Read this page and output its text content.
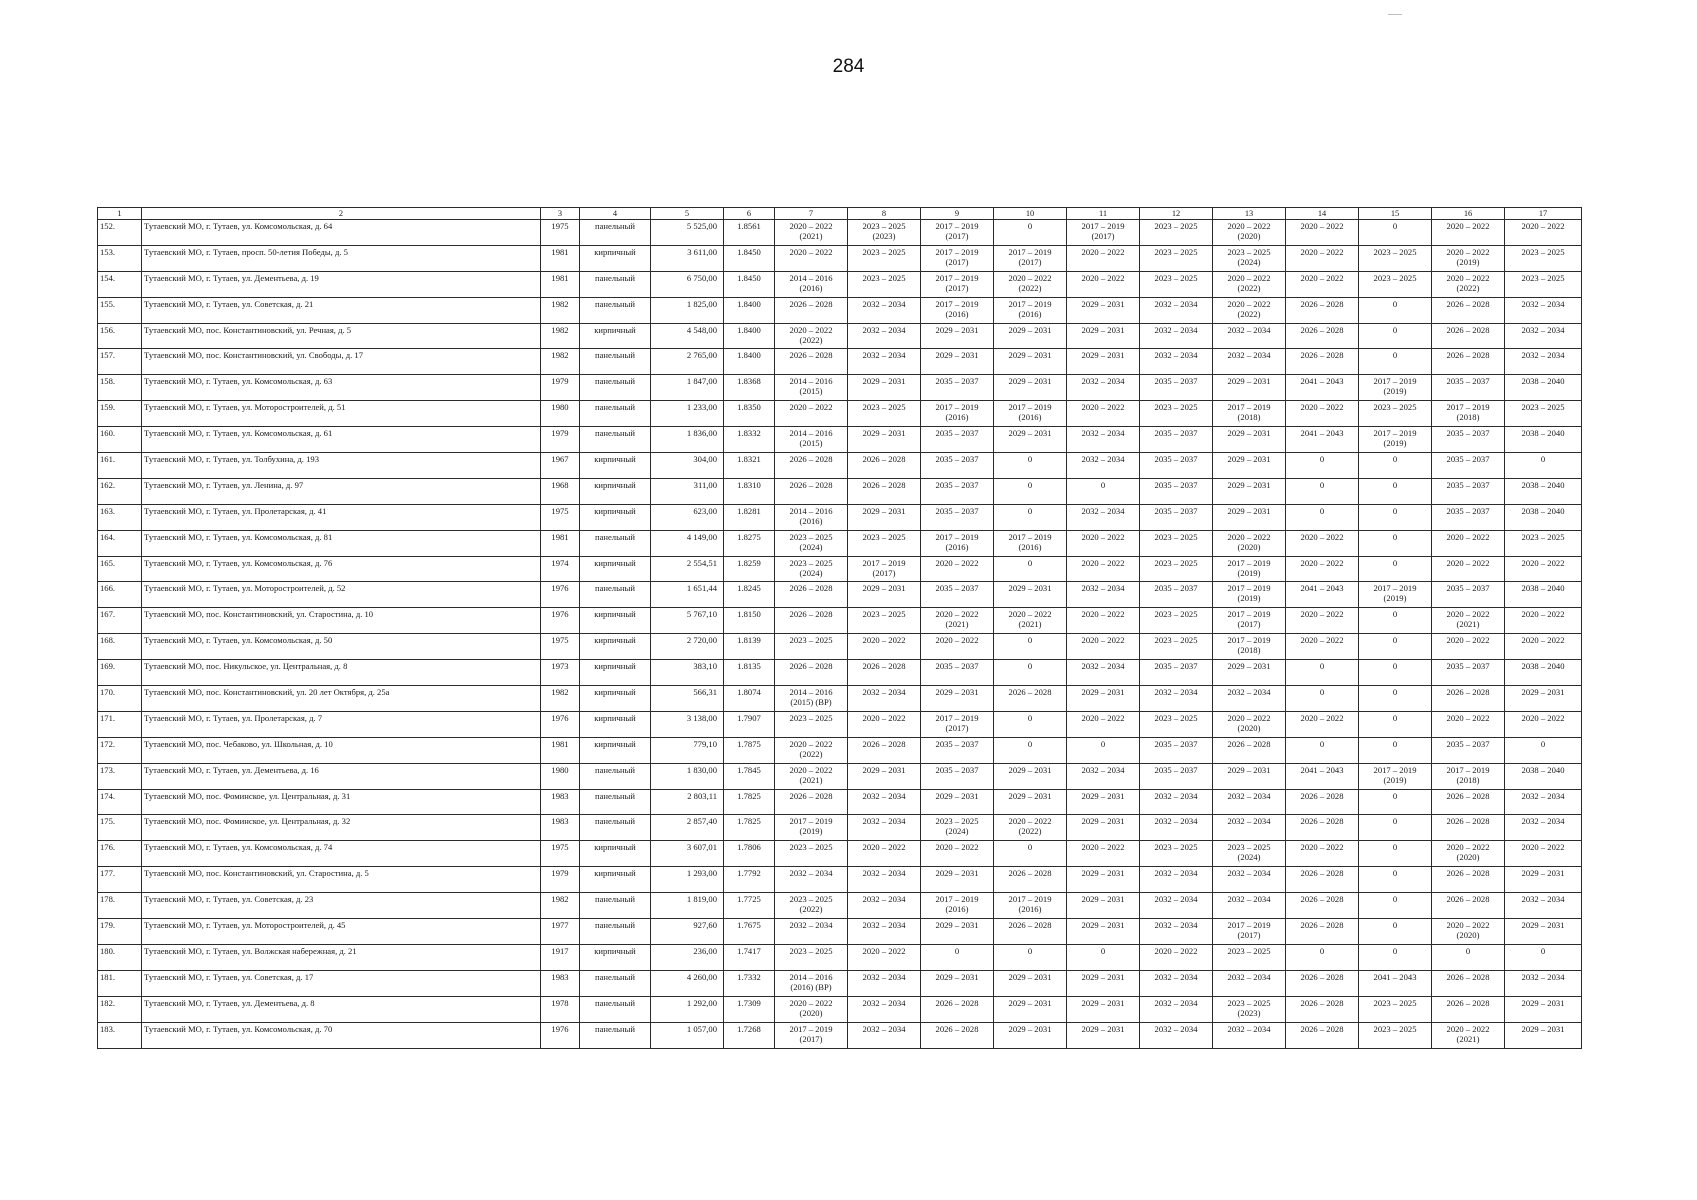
284
1	2	3	4	5	6	7	8	9	10	11	12	13	14	15	16	17

152.	Тутаевский МО, г. Тутаев, ул. Комсомольская, д. 64	1975	панельный	5 525,00	1.8561	2020 – 2022
(2021)	2023 – 2025
(2023)	2017 – 2019
(2017)	0	2017 – 2019
(2017)	2023 – 2025	2020 – 2022
(2020)	2020 – 2022	0	2020 – 2022	2020 – 2022

153.	Тутаевский МО, г. Тутаев, просп. 50-летия Победы, д. 5	1981	кирпичный	3 611,00	1.8450	2020 – 2022	2023 – 2025	2017 – 2019
(2017)	2017 – 2019
(2017)	2020 – 2022	2023 – 2025	2023 – 2025
(2024)	2020 – 2022	2023 – 2025	2020 – 2022
(2019)	2023 – 2025

154.	Тутаевский МО, г. Тутаев, ул. Дементьева, д. 19	1981	панельный	6 750,00	1.8450	2014 – 2016
(2016)	2023 – 2025	2017 – 2019
(2017)	2020 – 2022
(2022)	2020 – 2022	2023 – 2025	2020 – 2022
(2022)	2020 – 2022	2023 – 2025	2020 – 2022
(2022)	2023 – 2025

155.	Тутаевский МО, г. Тутаев, ул. Советская, д. 21	1982	панельный	1 825,00	1.8400	2026 – 2028	2032 – 2034	2017 – 2019
(2016)	2017 – 2019
(2016)	2029 – 2031	2032 – 2034	2020 – 2022
(2022)	2026 – 2028	0	2026 – 2028	2032 – 2034

156.	Тутаевский МО, пос. Константиновский, ул. Речная, д. 5	1982	кирпичный	4 548,00	1.8400	2020 – 2022
(2022)	2032 – 2034	2029 – 2031	2029 – 2031	2029 – 2031	2032 – 2034	2032 – 2034	2026 – 2028	0	2026 – 2028	2032 – 2034

157.	Тутаевский МО, пос. Константиновский, ул. Свободы, д. 17	1982	панельный	2 765,00	1.8400	2026 – 2028	2032 – 2034	2029 – 2031	2029 – 2031	2029 – 2031	2032 – 2034	2032 – 2034	2026 – 2028	0	2026 – 2028	2032 – 2034

158.	Тутаевский МО, г. Тутаев, ул. Комсомольская, д. 63	1979	панельный	1 847,00	1.8368	2014 – 2016
(2015)	2029 – 2031	2035 – 2037	2029 – 2031	2032 – 2034	2035 – 2037	2029 – 2031	2041 – 2043	2017 – 2019
(2019)	2035 – 2037	2038 – 2040

159.	Тутаевский МО, г. Тутаев, ул. Моторостроителей, д. 51	1980	панельный	1 233,00	1.8350	2020 – 2022	2023 – 2025	2017 – 2019
(2016)	2017 – 2019
(2016)	2020 – 2022	2023 – 2025	2017 – 2019
(2018)	2020 – 2022	2023 – 2025	2017 – 2019
(2018)	2023 – 2025

160.	Тутаевский МО, г. Тутаев, ул. Комсомольская, д. 61	1979	панельный	1 836,00	1.8332	2014 – 2016
(2015)	2029 – 2031	2035 – 2037	2029 – 2031	2032 – 2034	2035 – 2037	2029 – 2031	2041 – 2043	2017 – 2019
(2019)	2035 – 2037	2038 – 2040

161.	Тутаевский МО, г. Тутаев, ул. Толбухина, д. 193	1967	кирпичный	304,00	1.8321	2026 – 2028	2026 – 2028	2035 – 2037	0	2032 – 2034	2035 – 2037	2029 – 2031	0	0	2035 – 2037	0

162.	Тутаевский МО, г. Тутаев, ул. Ленина, д. 97	1968	кирпичный	311,00	1.8310	2026 – 2028	2026 – 2028	2035 – 2037	0	0	2035 – 2037	2029 – 2031	0	0	2035 – 2037	2038 – 2040

163.	Тутаевский МО, г. Тутаев, ул. Пролетарская, д. 41	1975	кирпичный	623,00	1.8281	2014 – 2016
(2016)	2029 – 2031	2035 – 2037	0	2032 – 2034	2035 – 2037	2029 – 2031	0	0	2035 – 2037	2038 – 2040

164.	Тутаевский МО, г. Тутаев, ул. Комсомольская, д. 81	1981	панельный	4 149,00	1.8275	2023 – 2025
(2024)	2023 – 2025	2017 – 2019
(2016)	2017 – 2019
(2016)	2020 – 2022	2023 – 2025	2020 – 2022
(2020)	2020 – 2022	0	2020 – 2022	2023 – 2025

165.	Тутаевский МО, г. Тутаев, ул. Комсомольская, д. 76	1974	кирпичный	2 554,51	1.8259	2023 – 2025
(2024)	2017 – 2019
(2017)	2020 – 2022	0	2020 – 2022	2023 – 2025	2017 – 2019
(2019)	2020 – 2022	0	2020 – 2022	2020 – 2022

166.	Тутаевский МО, г. Тутаев, ул. Моторостроителей, д. 52	1976	панельный	1 651,44	1.8245	2026 – 2028	2029 – 2031	2035 – 2037	2029 – 2031	2032 – 2034	2035 – 2037	2017 – 2019
(2019)	2041 – 2043	2017 – 2019
(2019)	2035 – 2037	2038 – 2040

167.	Тутаевский МО, пос. Константиновский, ул. Старостина, д. 10	1976	кирпичный	5 767,10	1.8150	2026 – 2028	2023 – 2025	2020 – 2022
(2021)	2020 – 2022
(2021)	2020 – 2022	2023 – 2025	2017 – 2019
(2017)	2020 – 2022	0	2020 – 2022
(2021)	2020 – 2022

168.	Тутаевский МО, г. Тутаев, ул. Комсомольская, д. 50	1975	кирпичный	2 720,00	1.8139	2023 – 2025	2020 – 2022	2020 – 2022	0	2020 – 2022	2023 – 2025	2017 – 2019
(2018)	2020 – 2022	0	2020 – 2022	2020 – 2022

169.	Тутаевский МО, пос. Никульское, ул. Центральная, д. 8	1973	кирпичный	383,10	1.8135	2026 – 2028	2026 – 2028	2035 – 2037	0	2032 – 2034	2035 – 2037	2029 – 2031	0	0	2035 – 2037	2038 – 2040

170.	Тутаевский МО, пос. Константиновский, ул. 20 лет Октября, д. 25а	1982	кирпичный	566,31	1.8074	2014 – 2016
(2015) (ВР)	2032 – 2034	2029 – 2031	2026 – 2028	2029 – 2031	2032 – 2034	2032 – 2034	0	0	2026 – 2028	2029 – 2031

171.	Тутаевский МО, г. Тутаев, ул. Пролетарская, д. 7	1976	кирпичный	3 138,00	1.7907	2023 – 2025	2020 – 2022	2017 – 2019
(2017)	0	2020 – 2022	2023 – 2025	2020 – 2022
(2020)	2020 – 2022	0	2020 – 2022	2020 – 2022

172.	Тутаевский МО, пос. Чебаково, ул. Школьная, д. 10	1981	кирпичный	779,10	1.7875	2020 – 2022
(2022)	2026 – 2028	2035 – 2037	0	0	2035 – 2037	2026 – 2028	0	0	2035 – 2037	0

173.	Тутаевский МО, г. Тутаев, ул. Дементьева, д. 16	1980	панельный	1 830,00	1.7845	2020 – 2022
(2021)	2029 – 2031	2035 – 2037	2029 – 2031	2032 – 2034	2035 – 2037	2029 – 2031	2041 – 2043	2017 – 2019
(2019)	2017 – 2019
(2018)	2038 – 2040

174.	Тутаевский МО, пос. Фоминское, ул. Центральная, д. 31	1983	панельный	2 803,11	1.7825	2026 – 2028	2032 – 2034	2029 – 2031	2029 – 2031	2029 – 2031	2032 – 2034	2032 – 2034	2026 – 2028	0	2026 – 2028	2032 – 2034

175.	Тутаевский МО, пос. Фоминское, ул. Центральная, д. 32	1983	панельный	2 857,40	1.7825	2017 – 2019
(2019)	2032 – 2034	2023 – 2025
(2024)	2020 – 2022
(2022)	2029 – 2031	2032 – 2034	2032 – 2034	2026 – 2028	0	2026 – 2028	2032 – 2034

176.	Тутаевский МО, г. Тутаев, ул. Комсомольская, д. 74	1975	кирпичный	3 607,01	1.7806	2023 – 2025	2020 – 2022	2020 – 2022	0	2020 – 2022	2023 – 2025	2023 – 2025
(2024)	2020 – 2022	0	2020 – 2022
(2020)	2020 – 2022

177.	Тутаевский МО, пос. Константиновский, ул. Старостина, д. 5	1979	кирпичный	1 293,00	1.7792	2032 – 2034	2032 – 2034	2029 – 2031	2026 – 2028	2029 – 2031	2032 – 2034	2032 – 2034	2026 – 2028	0	2026 – 2028	2029 – 2031

178.	Тутаевский МО, г. Тутаев, ул. Советская, д. 23	1982	панельный	1 819,00	1.7725	2023 – 2025
(2022)	2032 – 2034	2017 – 2019
(2016)	2017 – 2019
(2016)	2029 – 2031	2032 – 2034	2032 – 2034	2026 – 2028	0	2026 – 2028	2032 – 2034

179.	Тутаевский МО, г. Тутаев, ул. Моторостроителей, д. 45	1977	панельный	927,60	1.7675	2032 – 2034	2032 – 2034	2029 – 2031	2026 – 2028	2029 – 2031	2032 – 2034	2017 – 2019
(2017)	2026 – 2028	0	2020 – 2022
(2020)	2029 – 2031

180.	Тутаевский МО, г. Тутаев, ул. Волжская набережная, д. 21	1917	кирпичный	236,00	1.7417	2023 – 2025	2020 – 2022	0	0	0	2020 – 2022	2023 – 2025	0	0	0	0

181.	Тутаевский МО, г. Тутаев, ул. Советская, д. 17	1983	панельный	4 260,00	1.7332	2014 – 2016
(2016) (ВР)	2032 – 2034	2029 – 2031	2029 – 2031	2029 – 2031	2032 – 2034	2032 – 2034	2026 – 2028	2041 – 2043	2026 – 2028	2032 – 2034

182.	Тутаевский МО, г. Тутаев, ул. Дементьева, д. 8	1978	панельный	1 292,00	1.7309	2020 – 2022
(2020)	2032 – 2034	2026 – 2028	2029 – 2031	2029 – 2031	2032 – 2034	2023 – 2025
(2023)	2026 – 2028	2023 – 2025	2026 – 2028	2029 – 2031

183.	Тутаевский МО, г. Тутаев, ул. Комсомольская, д. 70	1976	панельный	1 057,00	1.7268	2017 – 2019
(2017)	2032 – 2034	2026 – 2028	2029 – 2031	2029 – 2031	2032 – 2034	2032 – 2034	2026 – 2028	2023 – 2025	2020 – 2022
(2021)	2029 – 2031
